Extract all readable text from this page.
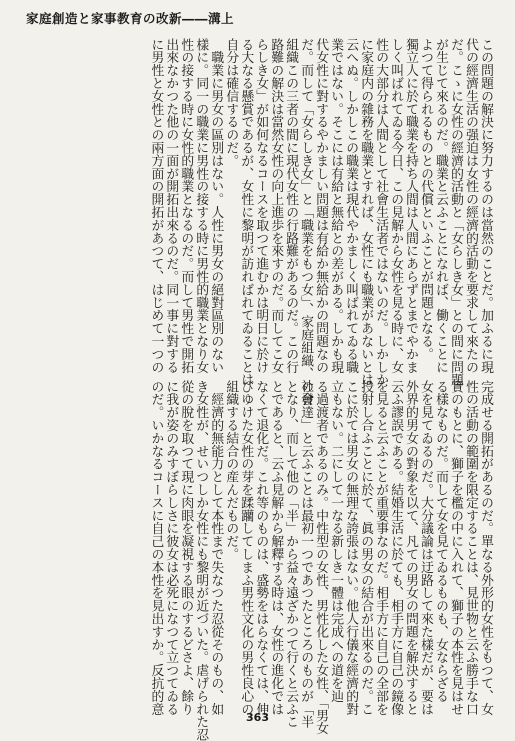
家庭創造と家事教育の改新――溝上
この問題の解決に努力するのは當然のことだ。加ふるに現
代の經濟生活の强迫は女性の經濟的活動を要求して來たの
だ。こゝに女性の經濟的活動と「女らしき女」との間に問題
が生じて來るのだ。職業と云ふことになれば、働くことに
よつて得られるものとの代償といふことが問題となる。
獨立人に於て職業を持ち人間は人間にあらずとまでやかま
しく叫ばれてゐる今日、この見解から女性を見る時に、女
性の大部分は人間として社會生活者ではないのだ。しかしか
に家庭内の雜務を職業とすれば、女性にも職業があないとは
云へぬ。しかしこの職業は現代やかましく叫ばれてゐる職
業ではない。そこには有給と無給との差がある。しかも現
代女性に對するやかましい問題は有給か無給かの問題なの
だ。而して「女らしき女」と「職業をもつ女」、家庭組織、社會
組織この三者の間に現代女性の行路難があるのだ。この行
路難の解決は當然女性の向上進歩を來すのだ。而してこ女
らしき女」が如何なるコースを取つて進むかは明日に於け
る大なる懸賞であるが、女性に黎明が訪ればれてゐることは
自分は確信するのだ。
　職業に男女の區別はない。人性に男女の絕對區別のない
樣に。同一の職業に男性の接する時に男性的職業となり女
性の接する時に女性的職業となるのだ。而して男性で開拓
出來なかつた他の一面が開拓出來るのだ。同一事に對する
に男性と女性との兩方面の開拓があつて、はじめて一つの
完成せる開拓があるのだ。單なる外形的女性をもつて、女
性の活動の範圍を限定することは、見世物と云ふ勝手な口
實のもとに、獅子を檻の中に入れて、獅子の本性を見はせ
る樣なものだ。而して女を見てゐるものも、女ならざる
女を見てゐるのだ。大分議論は迂路して來た樣だが、要は
外界的男女の對象を以て、凡ての男女の問題を解決すると
云ふ謬誤である。結婚生活に於ても、相手方に自己の鏡像
を見ると云ふことが重要事なのだ。相手方に自己の全部を
投射し合ふことに於て、眞の男女の結合が出來るのだ。こ
こに於ては男女の無理な誇張はない。他人行儀な經濟的對
立もない。二にして一なる新しき一體は完成への道を辿
る過渡者であるのみ。中性型の女性、男性化した女性、「男女
の發達」と云ふことは最初一つであつたところのものが「半
となり、而して他の「半」から益々遠ざかつて行くと云ふこ
とであると、云ふ見解から解釋する時は、女性の進化では
なくて退化だ。これ等のものは、盛勢をはらなくては、伸
びゆけた女性の芽を蹂躪してしまふ男性文化の男性良心の
組織する結合の産んだものだ。
　經濟的無能力として本性まで失なつた忍從そのもの、如
き女性が、せいつしか女性にも黎明が近づいた。虐げられた忍
從の脫を取つて現に肉眼を凝視する眼のするどさよ、餘り
に我が姿のみすぼらしさに彼女は必死になつて立つてゐる
のだ。いかなるコースに自己の本性を見出すか。反抗的意
363
